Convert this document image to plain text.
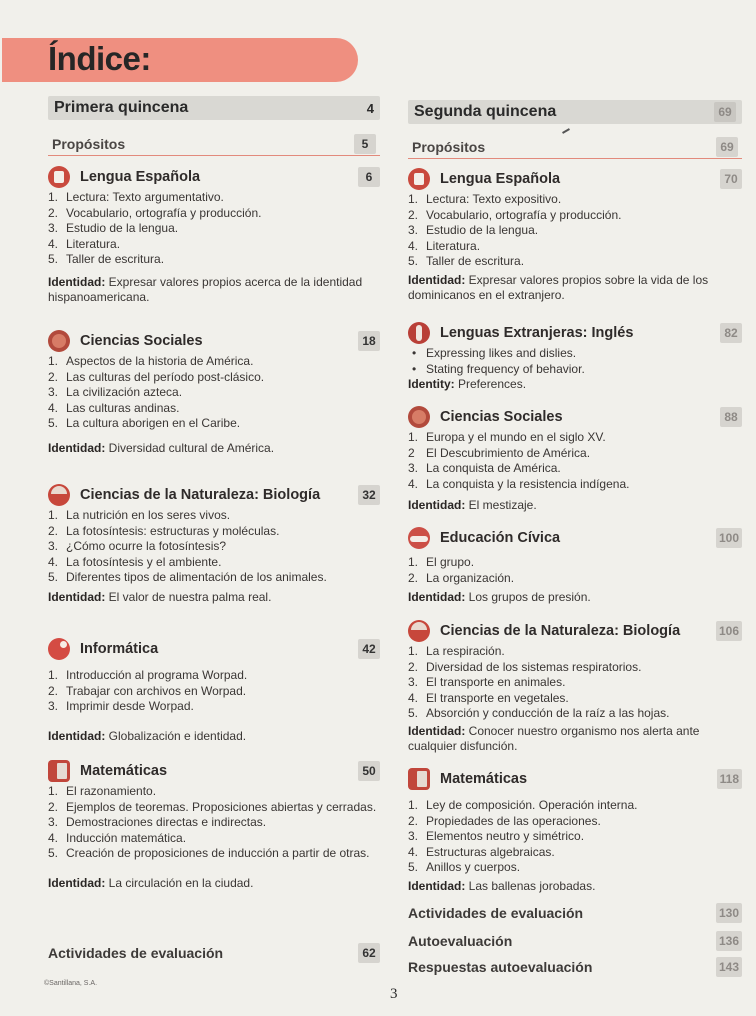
Índice:
Primera quincena	4
Propósitos	5
Lengua Española	6
1. Lectura: Texto argumentativo.
2. Vocabulario, ortografía y producción.
3. Estudio de la lengua.
4. Literatura.
5. Taller de escritura.

Identidad: Expresar valores propios acerca de la identidad hispanoamericana.

Ciencias Sociales	18
1. Aspectos de la historia de América.
2. Las culturas del período post-clásico.
3. La civilización azteca.
4. Las culturas andinas.
5. La cultura aborigen en el Caribe.

Identidad: Diversidad cultural de América.

Ciencias de la Naturaleza: Biología	32
1. La nutrición en los seres vivos.
2. La fotosíntesis: estructuras y moléculas.
3. ¿Cómo ocurre la fotosíntesis?
4. La fotosíntesis y el ambiente.
5. Diferentes tipos de alimentación de los animales.

Identidad: El valor de nuestra palma real.

Informática	42
1. Introducción al programa Worpad.
2. Trabajar con archivos en Worpad.
3. Imprimir desde Worpad.

Identidad: Globalización e identidad.

Matemáticas	50
1. El razonamiento.
2. Ejemplos de teoremas. Proposiciones abiertas y cerradas.
3. Demostraciones directas e indirectas.
4. Inducción matemática.
5. Creación de proposiciones de inducción a partir de otras.

Identidad: La circulación en la ciudad.

Actividades de evaluación	62
Segunda quincena	69
Propósitos	69
Lengua Española	70
1. Lectura: Texto expositivo.
2. Vocabulario, ortografía y producción.
3. Estudio de la lengua.
4. Literatura.
5. Taller de escritura.

Identidad: Expresar valores propios sobre la vida de los dominicanos en el extranjero.

Lenguas Extranjeras: Inglés	82
• Expressing likes and dislies.
• Stating frequency of behavior.

Identity: Preferences.

Ciencias Sociales	88
1. Europa y el mundo en el siglo XV.
2 El Descubrimiento de América.
3. La conquista de América.
4. La conquista y la resistencia indígena.

Identidad: El mestizaje.

Educación Cívica	100
1. El grupo.
2. La organización.

Identidad: Los grupos de presión.

Ciencias de la Naturaleza: Biología	106
1. La respiración.
2. Diversidad de los sistemas respiratorios.
3. El transporte en animales.
4. El transporte en vegetales.
5. Absorción y conducción de la raíz a las hojas.

Identidad: Conocer nuestro organismo nos alerta ante cualquier disfunción.

Matemáticas	118
1. Ley de composición. Operación interna.
2. Propiedades de las operaciones.
3. Elementos neutro y simétrico.
4. Estructuras algebraicas.
5. Anillos y cuerpos.

Identidad: Las ballenas jorobadas.

Actividades de evaluación	130
Autoevaluación	136
Respuestas autoevaluación	143
©Santillana, S.A.
3
